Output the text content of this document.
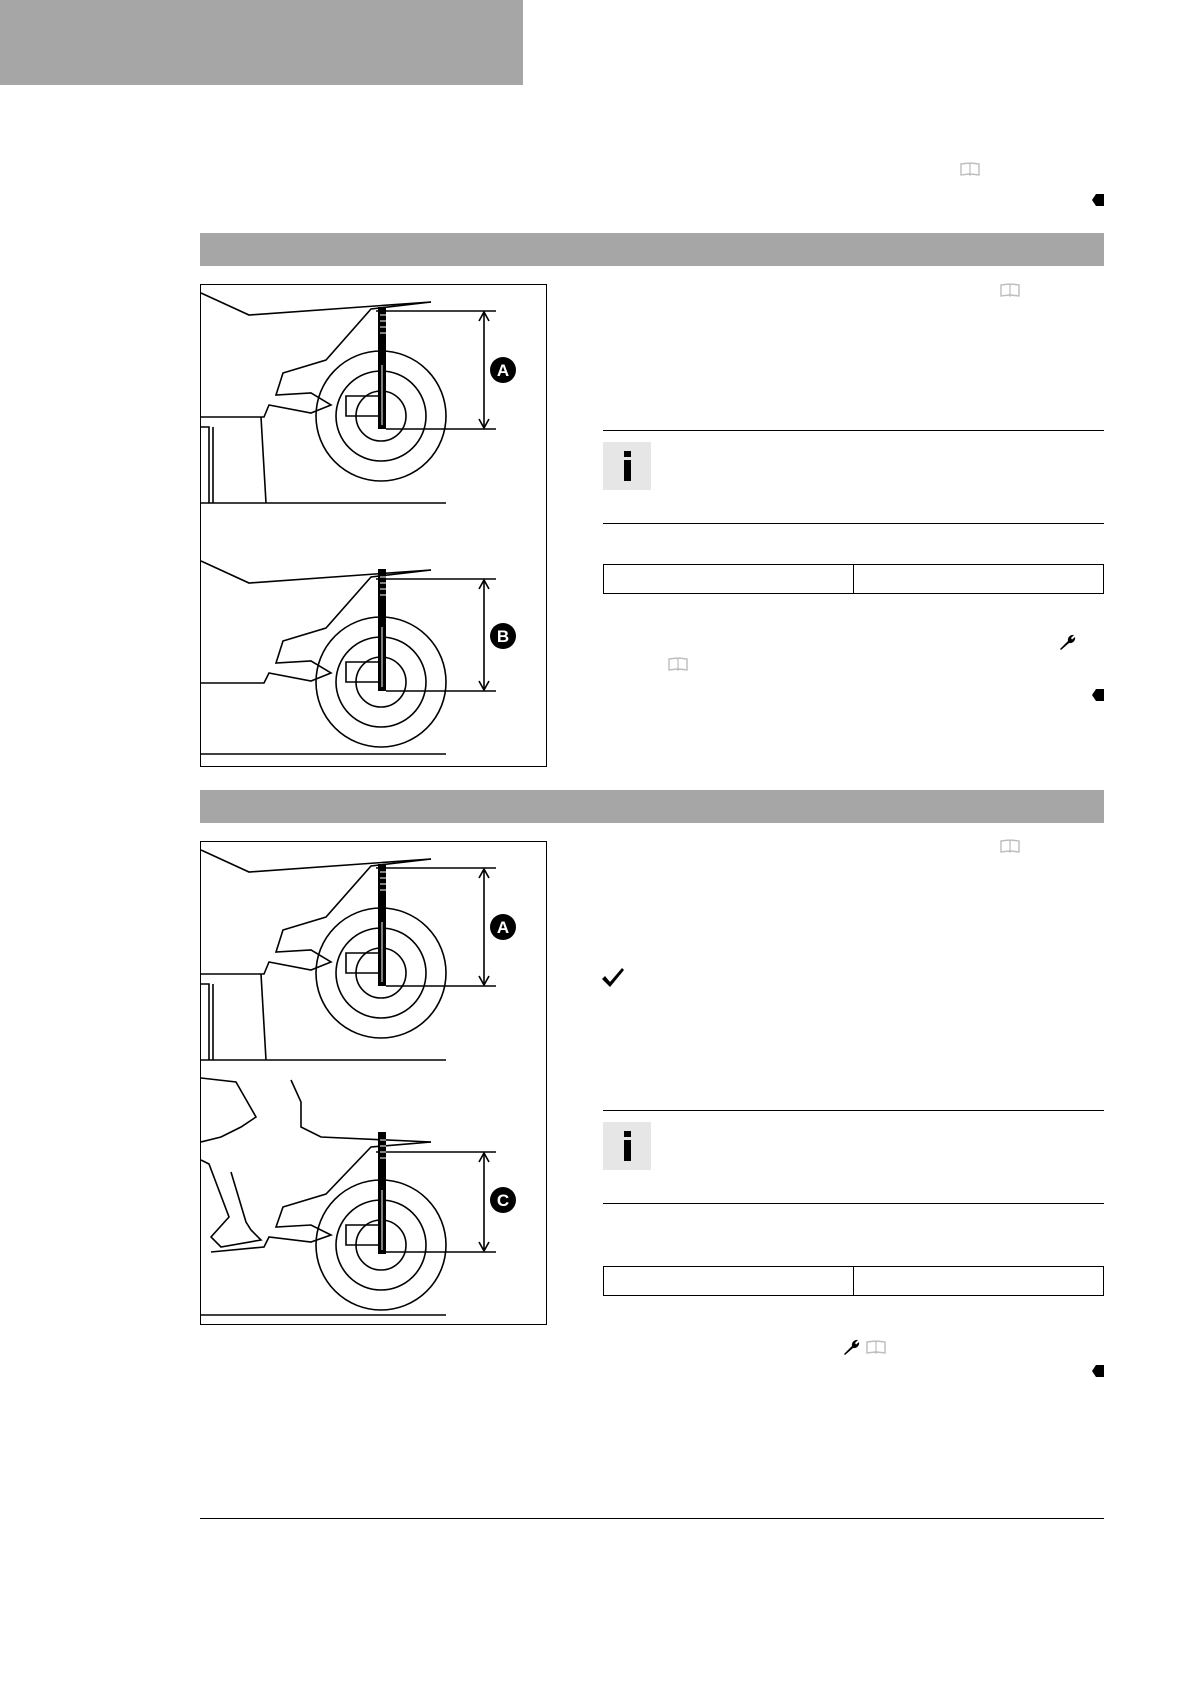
A
B
A
C
